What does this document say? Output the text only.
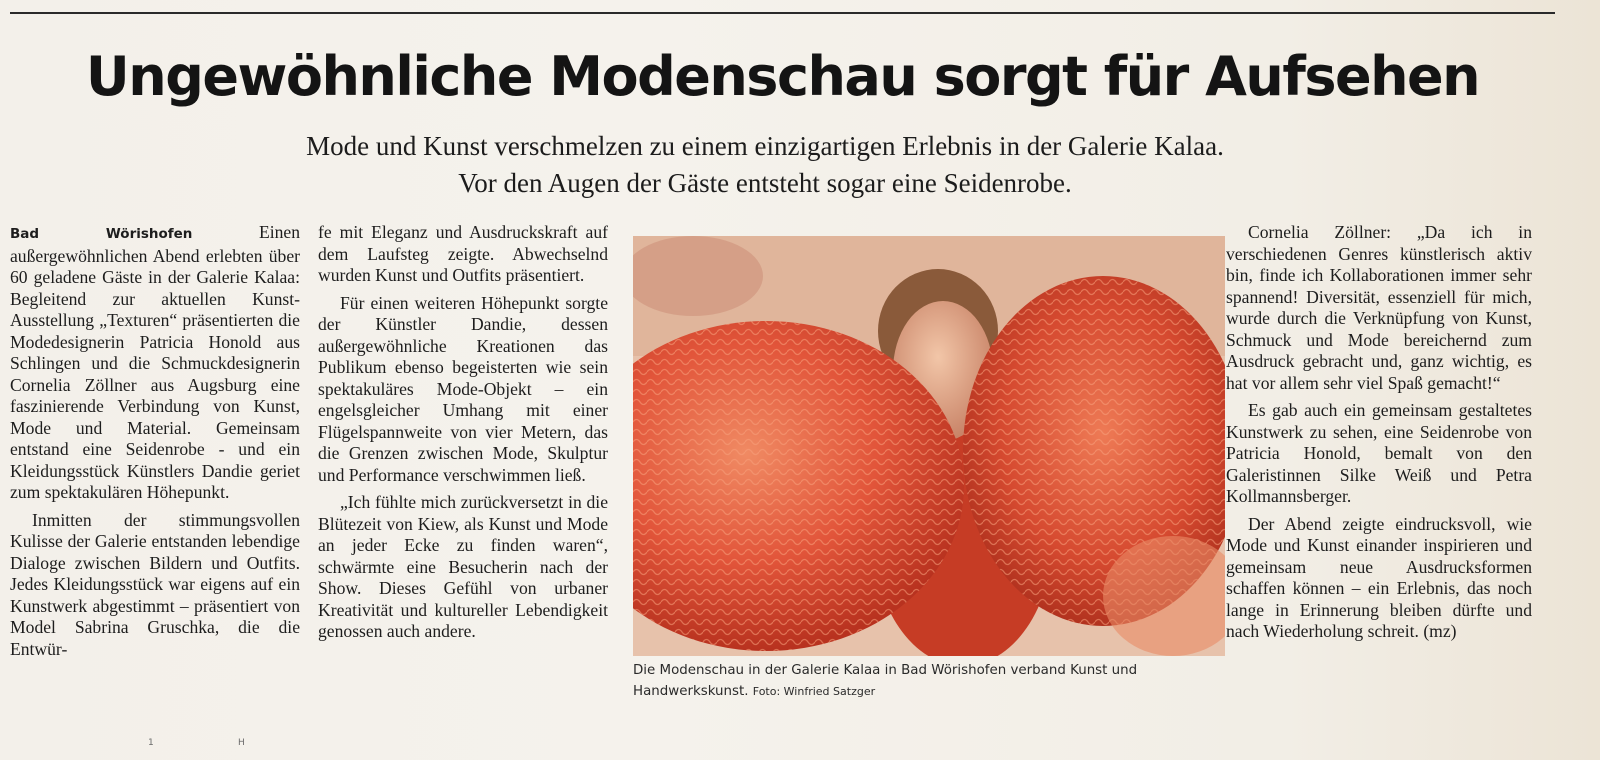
Ungewöhnliche Modenschau sorgt für Aufsehen
Mode und Kunst verschmelzen zu einem einzigartigen Erlebnis in der Galerie Kalaa.
Vor den Augen der Gäste entsteht sogar eine Seidenrobe.

Bad Wörishofen	Einen außergewöhnlichen Abend erlebten über 60 geladene Gäste in der Galerie Kalaa: Begleitend zur aktuellen Kunst-Ausstellung „Texturen“ präsentierten die Modedesignerin Patricia Honold aus Schlingen und die Schmuckdesignerin Cornelia Zöllner aus Augsburg eine faszinierende Verbindung von Kunst, Mode und Material. Gemeinsam entstand eine Seidenrobe - und ein Kleidungsstück Künstlers Dandie geriet zum spektakulären Höhepunkt.

Inmitten der stimmungsvollen Kulisse der Galerie entstanden lebendige Dialoge zwischen Bildern und Outfits. Jedes Kleidungsstück war eigens auf ein Kunstwerk abgestimmt – präsentiert von Model Sabrina Gruschka, die die Entwür-

fe mit Eleganz und Ausdruckskraft auf dem Laufsteg zeigte. Abwechselnd wurden Kunst und Outfits präsentiert.

Für einen weiteren Höhepunkt sorgte der Künstler Dandie, dessen außergewöhnliche Kreationen das Publikum ebenso begeisterten wie sein spektakuläres Mode-Objekt – ein engelsgleicher Umhang mit einer Flügelspannweite von vier Metern, das die Grenzen zwischen Mode, Skulptur und Performance verschwimmen ließ.

„Ich fühlte mich zurückversetzt in die Blütezeit von Kiew, als Kunst und Mode an jeder Ecke zu finden waren“, schwärmte eine Besucherin nach der Show. Dieses Gefühl von urbaner Kreativität und kultureller Lebendigkeit genossen auch andere.

Die Modenschau in der Galerie Kalaa in Bad Wörishofen verband Kunst und Handwerkskunst. Foto: Winfried Satzger

Cornelia Zöllner: „Da ich in verschiedenen Genres künstlerisch aktiv bin, finde ich Kollaborationen immer sehr spannend! Diversität, essenziell für mich, wurde durch die Verknüpfung von Kunst, Schmuck und Mode bereichernd zum Ausdruck gebracht und, ganz wichtig, es hat vor allem sehr viel Spaß gemacht!“

Es gab auch ein gemeinsam gestaltetes Kunstwerk zu sehen, eine Seidenrobe von Patricia Honold, bemalt von den Galeristinnen Silke Weiß und Petra Kollmannsberger.

Der Abend zeigte eindrucksvoll, wie Mode und Kunst einander inspirieren und gemeinsam neue Ausdrucksformen schaffen können – ein Erlebnis, das noch lange in Erinnerung bleiben dürfte und nach Wiederholung schreit. (mz)

1	H
